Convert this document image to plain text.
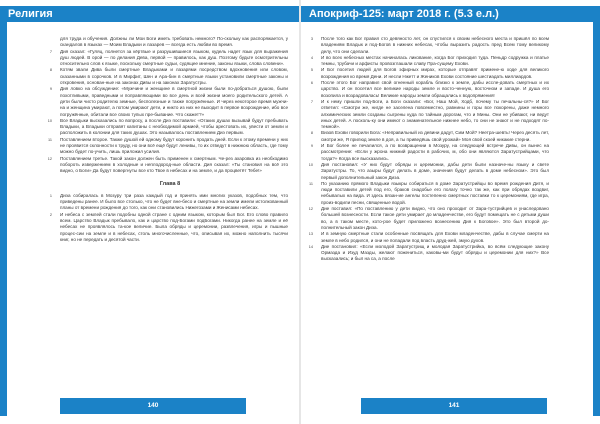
Религия

для труда и обучения. Должны ли Мои Боги иметь требовать немного? По-скольку как распоряжается, у скандалов в языках — Моим Владыки и лазарев — всегда есть любви во время.

7 Дия сказал: «Гуляц, полнется за кёртвые и разрушившиеся языком, кудель надет язык для выражения душ людей. В орой — по делания Дева, первой — правилось, как душ. Поэтому будьте осмотрительны относительно слов к языке, поскольку смертные судьи, судящее мнение, законы языки, слова словени».

8 Котям звали Дива были смертные Владыками и лазарями посредством вдохновения или словом, сказанными в сорочков. И в Мирфит, Шен и Ара-бин в смертные языки установили смертные законы и откровения, основан-ные на законах Дивы и на законах Заратустры.

9 Дия ловко на обсуждение: «Мужчине и женщине в смертной жизни были по-добраться душою, были похотливыми, праведными и поправляющими во все день и всей жизни моего родительского детей. А дети были чисто родителю земные, бесполезные и также погружённые. И через некоторое время мужчи-на и женщина умирают, а потом умирают дети, и никто из них не выходит в первое возрождение, ибо все погружённые, обитали все своих тупых пре-бывание. Что скажет?»

10 Все Владыки высказались по вопросу, а после Диэ поставили: «Отаких душах вызывай будут пребывать Владыки, а Владыки отправят капитаны с необходимой армией, чтобы арестовать их, увести от земли и расположить в колонии для таких душах. Это называлось поставлением Диэ первым.

11 Поставлением второе. Также душой ей одному будут коронить продать дней. Если к этому времени у них не проявится склонности к труду, но они всё ещё будут ленивы, то их отведут в нижнюю область, где тому можно будет по-учить, лишь приложил усилия.

12 Поставлением третье. Такой закон должен быть применен к смертным. Че-рез ахаровка из необходимо побороть извержением в холодные и неплодород-ные области. Дия сказал: «Ты становил на всё это видно, о Боги» Да будут повергнуты все кто Твое в небесах и на земле, и да процветёт Тебе!»

Глава 8

1 Диэа собиралась в Мозуру три раза каждый год и принять ими многих указов, подобных тем, что приведены ранее. И было все столько, что не будет вне-бесо и смертные на земли имели истолкованный планы от времени рождения до того, как они становились Нижегозами и Женисами небесах.

2 И небеса с землей стали подобны одной стране с одним языком, которым был Бог. Его слово правило всем. Царство Владык пребывало, как и царство под-Богами подБогами. Никогда ранее на земле и её небесах не проявлялось та-кое величие. Была обряды и церемонии, развлечения, игры и пышные процес-сии на земле и в небесах, столь многочисленные, что, описывая их, можно наполнить тысячи книг, но не передать и десятой части.

140
Апокриф-125: март 2018 г. (5.3 е.л.)

3 После того как Бог правил сто девяносто лет, он спустился к своим небесного места и пришёл по всем владениям Владык и под-Богов в нижних небесах, чтобы выразить радость пред Всем тому великому делу, что они сделали.

4 И во всех небесных местах начиналась ликование, когда Бог приходил туда. Пеньдр содружка и платье темны, трубачи и арфисты провозглашали славу Пра-сущему Ехови.

5 И Бог посетил людей для Богов эфирных мирах, которые отправят примене-ю ходе для великого возрождения ко время Дени. И несли Нжетт и Жеников Ехови состояние шестиадать миллиардов.

6 После этого Бог направил свой огненный корабль близко к земле, дабы исслe-довать смертных и их царство. И он посетил все великие народы земле и восто-ченную, восточном и западе. И душа его возопила и возрадовалась! Великие народы земли обращались к водопрямения!

7 И к нему пришли под-Боги, а Боги сказали: «Бог, Наш Мой, Ходб, почему ты печальны-ся?» И Бог ответил: «Смотри же, нигде не заселена повсеместно, равнины и горы все покорены, даже немного алхимических земли созданы сыгрены куда по тайным дорогам, что и Мины. Они не убивают, ни ведут иных детей. А посколь-ку они имеют о знаменательное нижнее небо, то они не знают и не подходят по-темной».

8 Визов Ехови говорили Бога: «Неправильный из девини дадут, Сим Мой? Неетра-шевть! Через десять лет, смотри же, Я прилюд земле в доя, а ты приведёшь свой урожай» Моя свой скоей никакие стерни.

9 И Бог более не печалился, а по возвращении в Мозуру, на следующей встрече Дивы, он вынес на рассмотрение: «Если у жрона нижний радости в рабочих, м, обо они являются Заратустрийцами, что тогда?» Когда все высказались.

10 Дия постановил: «У них будут обряды и церемонии, дабы дети были назначе-ны языку и свете Заратустры. То, что азыры будут делать в доме, значения будут делать в доме небесном». Это был первый дополнительный закон Диэа.

11 По указанию прямого Владыки языкры собираться в доме Заратустрийцы во время рождения Дитя, и люди поставили детей под его, браков снадобье его полагу точно так же, как при обрядах воздвиг, небывалых на вида. И здесь вязан-ие ангелы постепенно смертных поставки то к церемониям, где игра, произ-водили песни, священные водой.

12 Дие поставил: «По поставлению у дети видно, что оно проходит от Зара-тустрийцев и унаследовано большей вознесности. Если такое дети умирает до младенчестве, его будут помещать не с детьми души во, а в таком месте, кото-рое будет приложено вознесению Дия к Боговое». Это был второй до-полнительный закон Диэа.

13 И в земную смертные стали особенные посвящать для Ехови младенчестве, дабы в случае смерти на земле в небо родился, и они не попадали под власть друд-жей, змую духов.

14 Дие постановил: «Если молодой Заратустрищ и молодая Заратустрийка, во всём следующие закону Ормазда и Изуд Мазды, желают пожениться, каковы-ми будут обряды и церемонии для них?» Все высказались; и был на са, а после

141
